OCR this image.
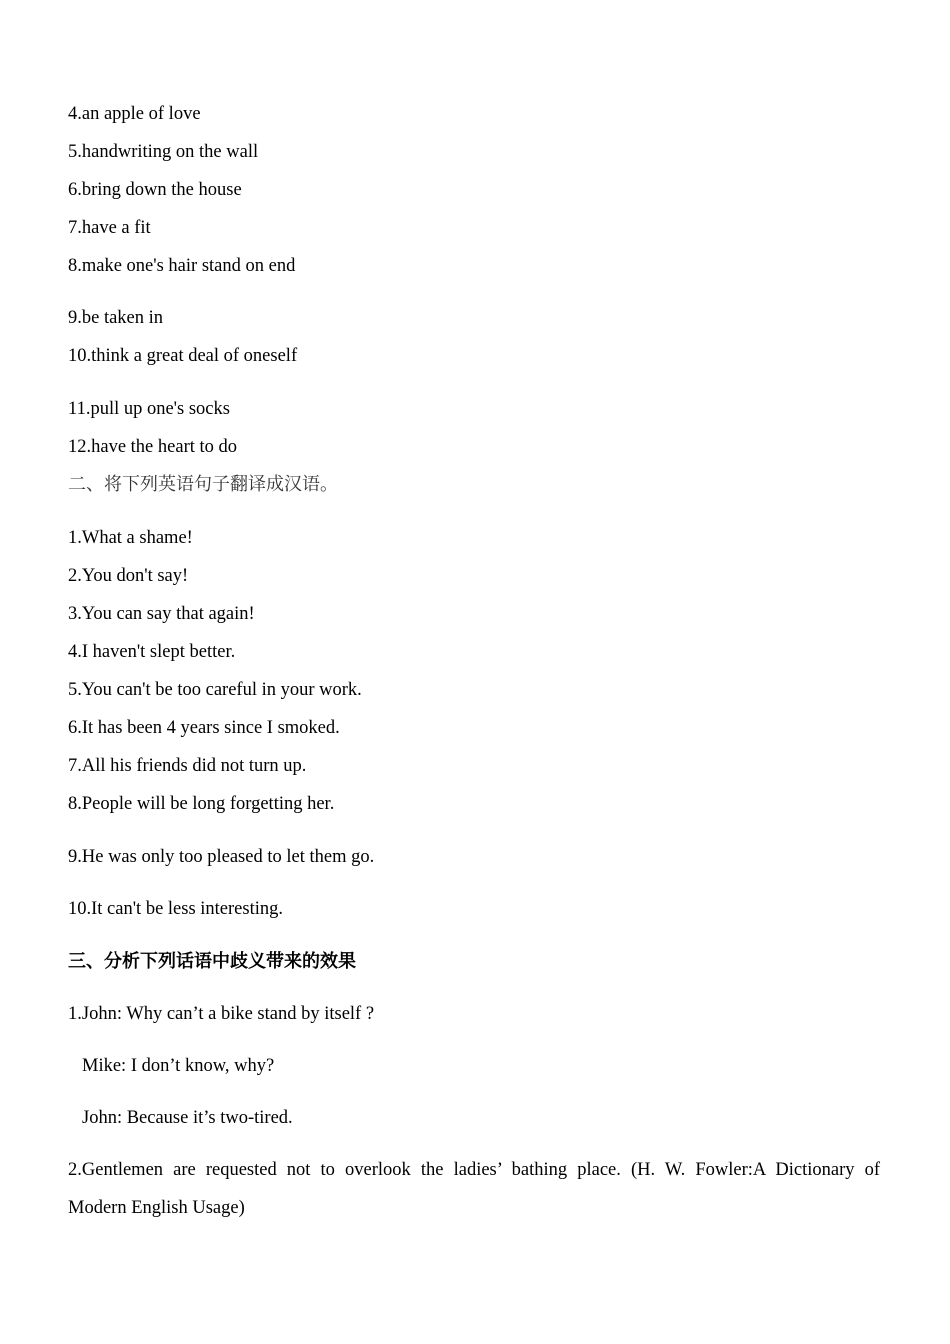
4.an apple of love
5.handwriting on the wall
6.bring down the house
7.have a fit
8.make one's hair stand on end
9.be taken in
10.think a great deal of oneself
11.pull up one's socks
12.have the heart to do
二、将下列英语句子翻译成汉语。
1.What a shame!
2.You don't say!
3.You can say that again!
4.I haven't slept better.
5.You can't be too careful in your work.
6.It has been 4 years since I smoked.
7.All his friends did not turn up.
8.People will be long forgetting her.
9.He was only too pleased to let them go.
10.It can't be less interesting.
三、分析下列话语中歧义带来的效果
1.John: Why can’t a bike stand by itself ?
Mike: I don’t know, why?
John: Because it’s two-tired.
2.Gentlemen are requested not to overlook the ladies’ bathing place. (H. W. Fowler:A Dictionary of
Modern English Usage)
